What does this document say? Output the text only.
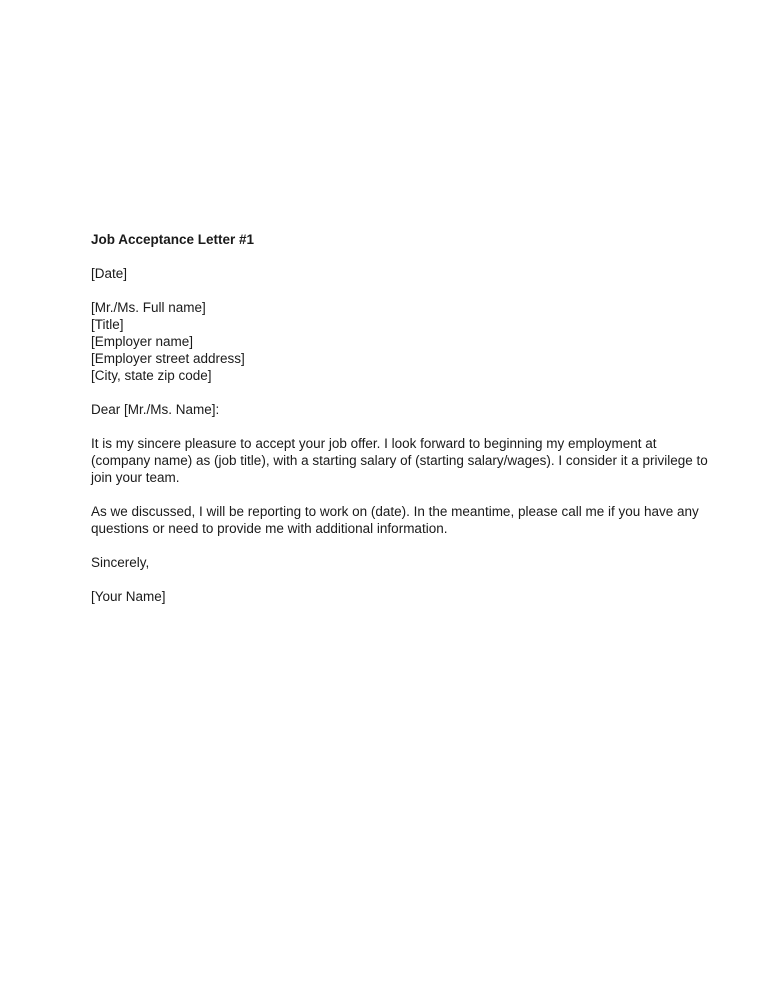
Job Acceptance Letter #1
[Date]
[Mr./Ms. Full name]
[Title]
[Employer name]
[Employer street address]
[City, state zip code]
Dear [Mr./Ms. Name]:

It is my sincere pleasure to accept your job offer. I look forward to beginning my employment at
(company name) as (job title), with a starting salary of (starting salary/wages). I consider it a privilege to
join your team.

As we discussed, I will be reporting to work on (date). In the meantime, please call me if you have any
questions or need to provide me with additional information.

Sincerely,
[Your Name]
